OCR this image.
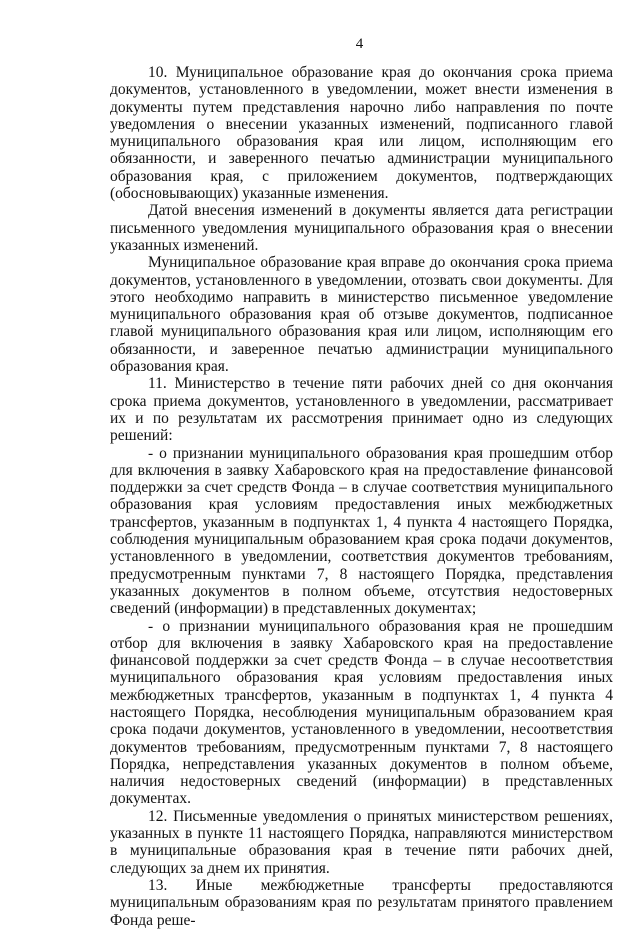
4

10. Муниципальное образование края до окончания срока приема документов, установленного в уведомлении, может внести изменения в документы путем представления нарочно либо направления по почте уведомления о внесении указанных изменений, подписанного главой муниципального образования края или лицом, исполняющим его обязанности, и заверенного печатью администрации муниципального образования края, с приложением документов, подтверждающих (обосновывающих) указанные изменения.

Датой внесения изменений в документы является дата регистрации письменного уведомления муниципального образования края о внесении указанных изменений.

Муниципальное образование края вправе до окончания срока приема документов, установленного в уведомлении, отозвать свои документы. Для этого необходимо направить в министерство письменное уведомление муниципального образования края об отзыве документов, подписанное главой муниципального образования края или лицом, исполняющим его обязанности, и заверенное печатью администрации муниципального образования края.

11. Министерство в течение пяти рабочих дней со дня окончания срока приема документов, установленного в уведомлении, рассматривает их и по результатам их рассмотрения принимает одно из следующих решений:

- о признании муниципального образования края прошедшим отбор для включения в заявку Хабаровского края на предоставление финансовой поддержки за счет средств Фонда – в случае соответствия муниципального образования края условиям предоставления иных межбюджетных трансфертов, указанным в подпунктах 1, 4 пункта 4 настоящего Порядка, соблюдения муниципальным образованием края срока подачи документов, установленного в уведомлении, соответствия документов требованиям, предусмотренным пунктами 7, 8 настоящего Порядка, представления указанных документов в полном объеме, отсутствия недостоверных сведений (информации) в представленных документах;

- о признании муниципального образования края не прошедшим отбор для включения в заявку Хабаровского края на предоставление финансовой поддержки за счет средств Фонда – в случае несоответствия муниципального образования края условиям предоставления иных межбюджетных трансфертов, указанным в подпунктах 1, 4 пункта 4 настоящего Порядка, несоблюдения муниципальным образованием края срока подачи документов, установленного в уведомлении, несоответствия документов требованиям, предусмотренным пунктами 7, 8 настоящего Порядка, непредставления указанных документов в полном объеме, наличия недостоверных сведений (информации) в представленных документах.

12. Письменные уведомления о принятых министерством решениях, указанных в пункте 11 настоящего Порядка, направляются министерством в муниципальные образования края в течение пяти рабочих дней, следующих за днем их принятия.

13. Иные межбюджетные трансферты предоставляются муниципальным образованиям края по результатам принятого правлением Фонда реше-
